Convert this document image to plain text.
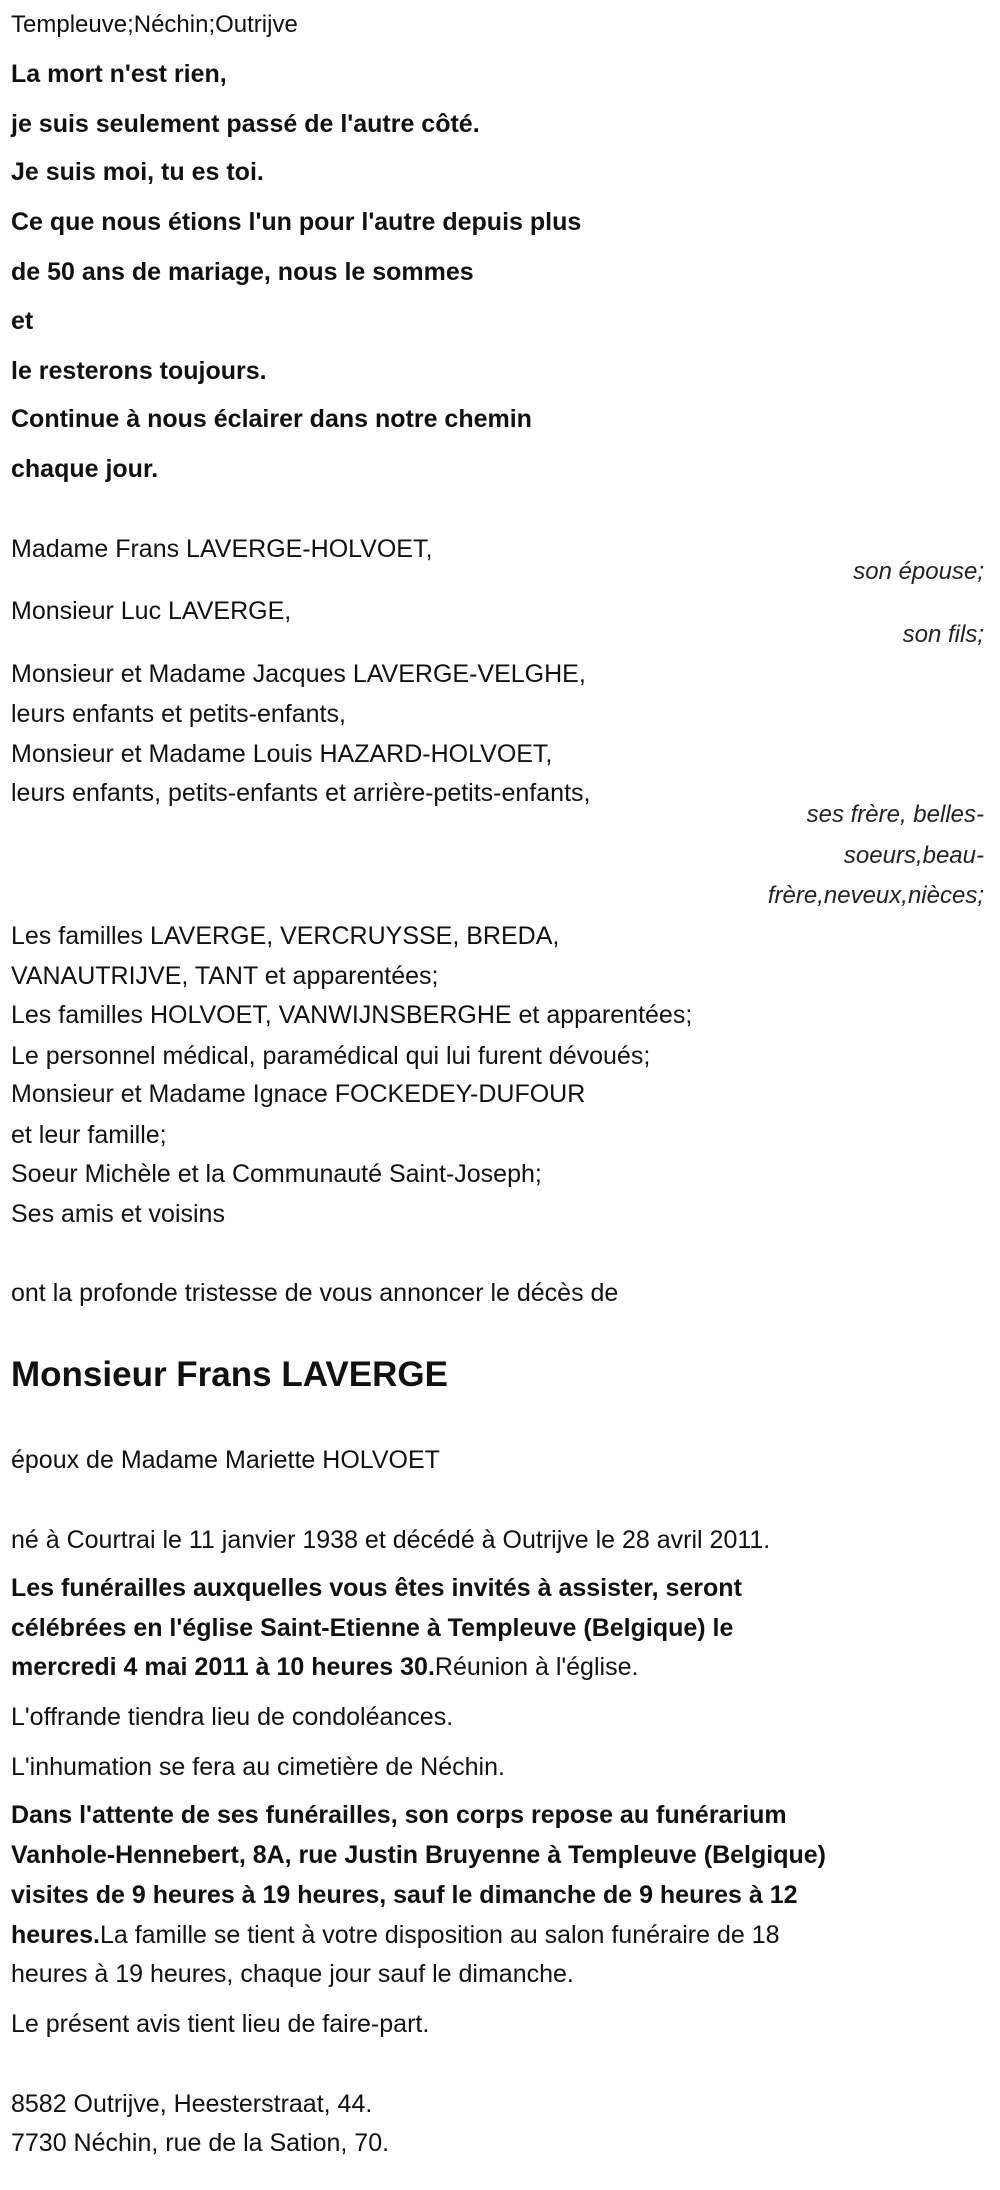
Templeuve;Néchin;Outrijve
La mort n'est rien,
je suis seulement passé de l'autre côté.
Je suis moi, tu es toi.
Ce que nous étions l'un pour l'autre depuis plus
de 50 ans de mariage, nous le sommes
et
le resterons toujours.
Continue à nous éclairer dans notre chemin
chaque jour.
Madame Frans LAVERGE-HOLVOET,
son épouse;
Monsieur Luc LAVERGE,
son fils;
Monsieur et Madame Jacques LAVERGE-VELGHE,
leurs enfants et petits-enfants,
Monsieur et Madame Louis HAZARD-HOLVOET,
leurs enfants, petits-enfants et arrière-petits-enfants,
ses frère, belles-
soeurs,beau-
frère,neveux,nièces;
Les familles LAVERGE, VERCRUYSSE, BREDA,
VANAUTRIJVE, TANT et apparentées;
Les familles HOLVOET, VANWIJNSBERGHE et apparentées;
Le personnel médical, paramédical qui lui furent dévoués;
Monsieur et Madame Ignace FOCKEDEY-DUFOUR
et leur famille;
Soeur Michèle et la Communauté Saint-Joseph;
Ses amis et voisins
ont la profonde tristesse de vous annoncer le décès de
Monsieur Frans LAVERGE
époux de Madame Mariette HOLVOET
né à Courtrai le 11 janvier 1938 et décédé à Outrijve le 28 avril 2011.
Les funérailles auxquelles vous êtes invités à assister, seront
célébrées en l'église Saint-Etienne à Templeuve (Belgique) le
mercredi 4 mai 2011 à 10 heures 30.Réunion à l'église.
L'offrande tiendra lieu de condoléances.
L'inhumation se fera au cimetière de Néchin.
Dans l'attente de ses funérailles, son corps repose au funérarium
Vanhole-Hennebert, 8A, rue Justin Bruyenne à Templeuve (Belgique)
visites de 9 heures à 19 heures, sauf le dimanche de 9 heures à 12
heures.La famille se tient à votre disposition au salon funéraire de 18
heures à 19 heures, chaque jour sauf le dimanche.
Le présent avis tient lieu de faire-part.
8582 Outrijve, Heesterstraat, 44.
7730 Néchin, rue de la Sation, 70.
